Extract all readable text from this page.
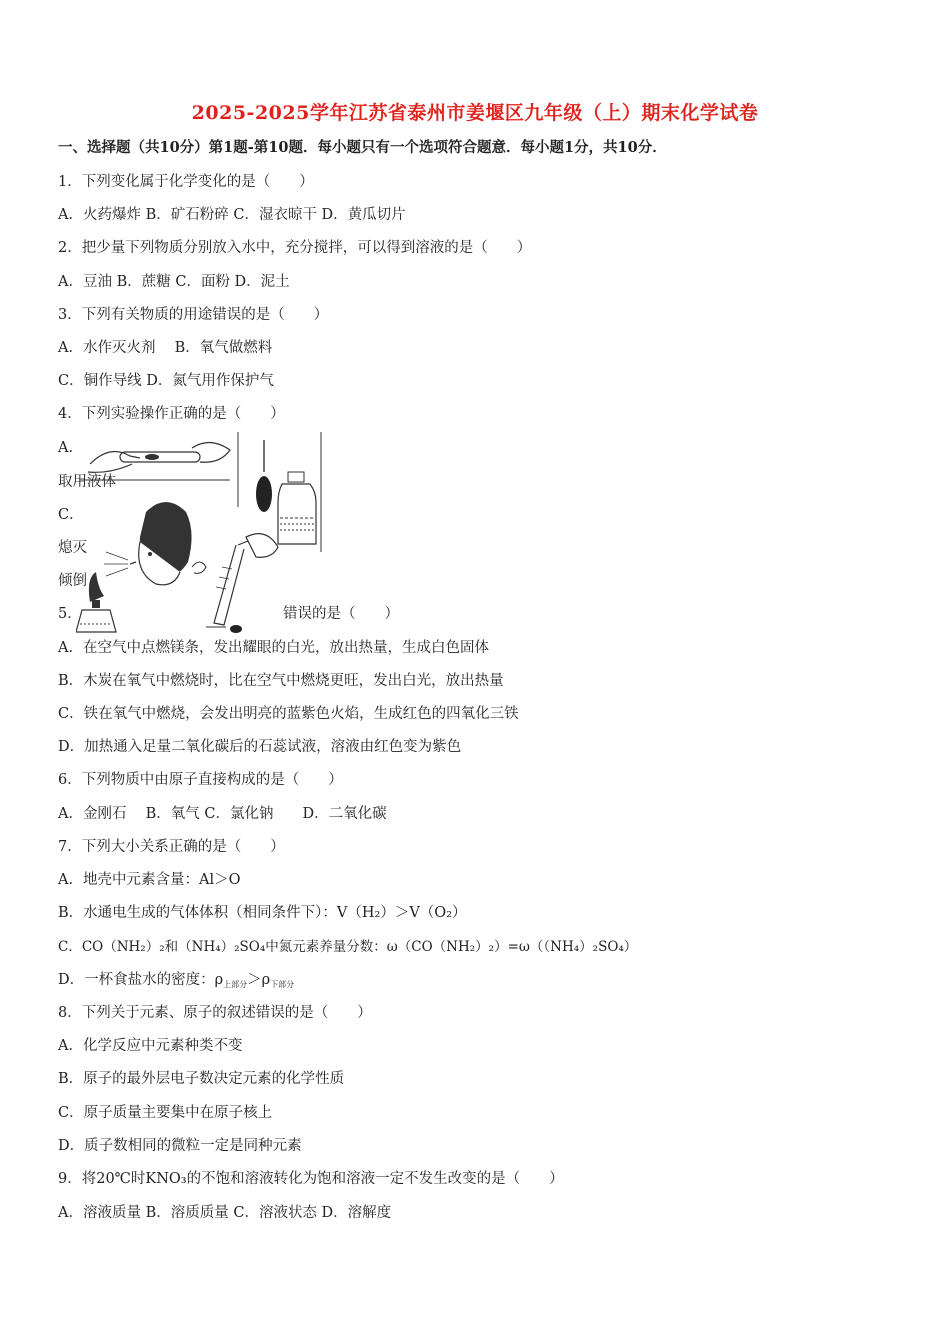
2025-2025学年江苏省泰州市姜堰区九年级（上）期末化学试卷
一、选择题（共10分）第1题-第10题．每小题只有一个选项符合题意．每小题1分，共10分．
1．下列变化属于化学变化的是（　　）
A．火药爆炸 B．矿石粉碎 C．湿衣晾干 D．黄瓜切片
2．把少量下列物质分别放入水中，充分搅拌，可以得到溶液的是（　　）
A．豆油 B．蔗糖 C．面粉 D．泥土
3．下列有关物质的用途错误的是（　　）
A．水作灭火剂　 B．氧气做燃料
C．铜作导线 D．氮气用作保护气
4．下列实验操作正确的是（　　）
A．
取用液体
C．
熄灭
倾倒
5．	错误的是（　　）
A．在空气中点燃镁条，发出耀眼的白光，放出热量，生成白色固体
B．木炭在氧气中燃烧时，比在空气中燃烧更旺，发出白光，放出热量
C．铁在氧气中燃烧，会发出明亮的蓝紫色火焰，生成红色的四氧化三铁
D．加热通入足量二氧化碳后的石蕊试液，溶液由红色变为紫色
6．下列物质中由原子直接构成的是（　　）
A．金刚石　 B．氧气 C．氯化钠　　D．二氧化碳
7．下列大小关系正确的是（　　）
A．地壳中元素含量：Al＞O
B．水通电生成的气体体积（相同条件下）：V（H₂）＞V（O₂）
C．CO（NH₂）₂和（NH₄）₂SO₄中氮元素养量分数：ω（CO（NH₂）₂）=ω（（NH₄）₂SO₄）
D．一杯食盐水的密度：$\rho_{上部分}>\rho_{下部分}$
8．下列关于元素、原子的叙述错误的是（　　）
A．化学反应中元素种类不变
B．原子的最外层电子数决定元素的化学性质
C．原子质量主要集中在原子核上
D．质子数相同的微粒一定是同种元素
9．将20℃时KNO₃的不饱和溶液转化为饱和溶液一定不发生改变的是（　　）
A．溶液质量 B．溶质质量 C．溶液状态 D．溶解度
